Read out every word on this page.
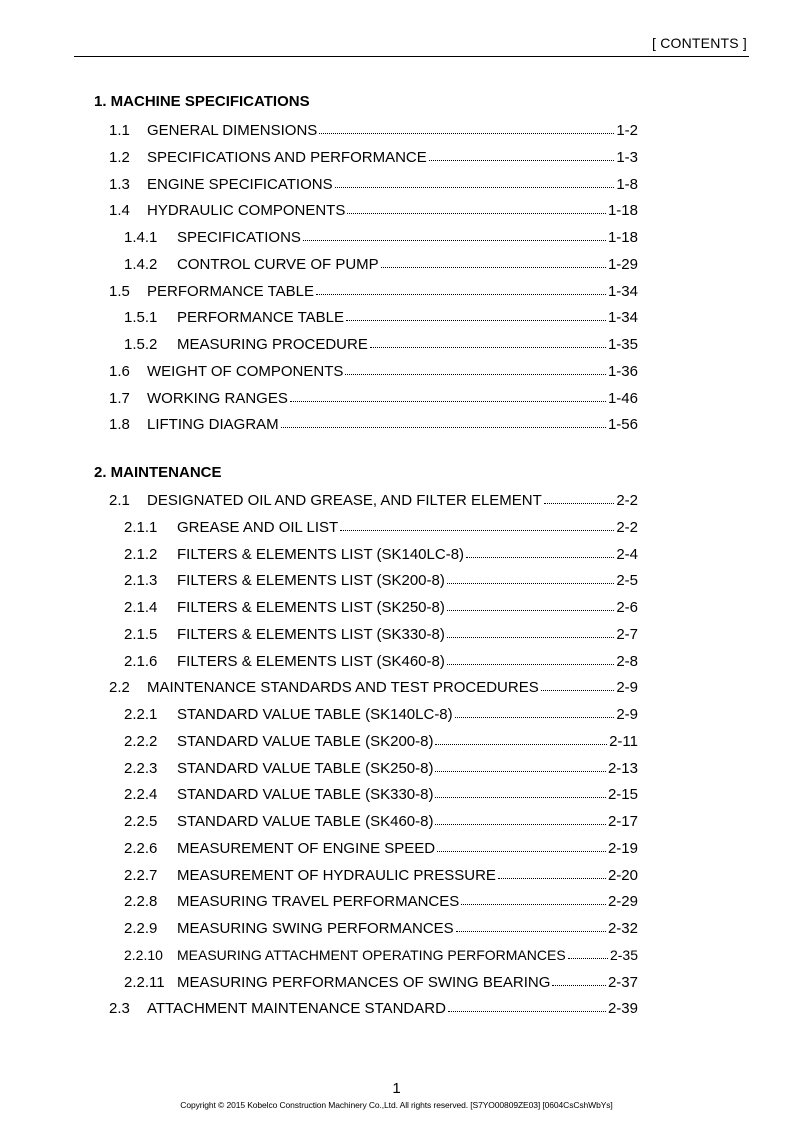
[ CONTENTS ]
1. MACHINE SPECIFICATIONS
1.1	GENERAL DIMENSIONS	1-2
1.2	SPECIFICATIONS AND PERFORMANCE	1-3
1.3	ENGINE SPECIFICATIONS	1-8
1.4	HYDRAULIC COMPONENTS	1-18
1.4.1	SPECIFICATIONS	1-18
1.4.2	CONTROL CURVE OF PUMP	1-29
1.5	PERFORMANCE TABLE	1-34
1.5.1	PERFORMANCE TABLE	1-34
1.5.2	MEASURING PROCEDURE	1-35
1.6	WEIGHT OF COMPONENTS	1-36
1.7	WORKING RANGES	1-46
1.8	LIFTING DIAGRAM	1-56
2. MAINTENANCE
2.1	DESIGNATED OIL AND GREASE, AND FILTER ELEMENT	2-2
2.1.1	GREASE AND OIL LIST	2-2
2.1.2	FILTERS & ELEMENTS LIST (SK140LC-8)	2-4
2.1.3	FILTERS & ELEMENTS LIST (SK200-8)	2-5
2.1.4	FILTERS & ELEMENTS LIST (SK250-8)	2-6
2.1.5	FILTERS & ELEMENTS LIST (SK330-8)	2-7
2.1.6	FILTERS & ELEMENTS LIST (SK460-8)	2-8
2.2	MAINTENANCE STANDARDS AND TEST PROCEDURES	2-9
2.2.1	STANDARD VALUE TABLE (SK140LC-8)	2-9
2.2.2	STANDARD VALUE TABLE (SK200-8)	2-11
2.2.3	STANDARD VALUE TABLE (SK250-8)	2-13
2.2.4	STANDARD VALUE TABLE (SK330-8)	2-15
2.2.5	STANDARD VALUE TABLE (SK460-8)	2-17
2.2.6	MEASUREMENT OF ENGINE SPEED	2-19
2.2.7	MEASUREMENT OF HYDRAULIC PRESSURE	2-20
2.2.8	MEASURING TRAVEL PERFORMANCES	2-29
2.2.9	MEASURING SWING PERFORMANCES	2-32
2.2.10	MEASURING ATTACHMENT OPERATING PERFORMANCES	2-35
2.2.11 MEASURING PERFORMANCES OF SWING BEARING	2-37
2.3	ATTACHMENT MAINTENANCE STANDARD	2-39
1
Copyright © 2015 Kobelco Construction Machinery Co.,Ltd. All rights reserved. [S7YO00809ZE03] [0604CsCshWbYs]
